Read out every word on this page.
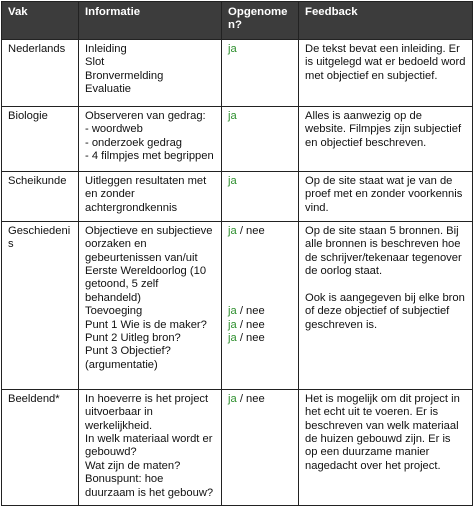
Vak	Informatie	Opgenomen?	Feedback
Nederlands	Inleiding
Slot
Bronvermelding
Evaluatie	ja	De tekst bevat een inleiding. Er is uitgelegd wat er bedoeld word met objectief en subjectief.
Biologie	Observeren van gedrag:
- woordweb
- onderzoek gedrag
- 4 filmpjes met begrippen	ja	Alles is aanwezig op de website. Filmpjes zijn subjectief en objectief beschreven.
Scheikunde	Uitleggen resultaten met en zonder achtergrondkennis	ja	Op de site staat wat je van de proef met en zonder voorkennis vind.
Geschiedenis	Objectieve en subjectieve oorzaken en gebeurtenissen van/uit Eerste Wereldoorlog (10 getoond, 5 zelf behandeld)
Toevoeging
Punt 1 Wie is de maker?
Punt 2 Uitleg bron?
Punt 3 Objectief? (argumentatie)	ja / nee
ja / nee
ja / nee
ja / nee	Op de site staan 5 bronnen. Bij alle bronnen is beschreven hoe de schrijver/tekenaar tegenover de oorlog staat.
Ook is aangegeven bij elke bron of deze objectief of subjectief geschreven is.
Beeldend*	In hoeverre is het project uitvoerbaar in werkelijkheid.
In welk materiaal wordt er gebouwd?
Wat zijn de maten?
Bonuspunt: hoe duurzaam is het gebouw?	ja / nee	Het is mogelijk om dit project in het echt uit te voeren. Er is beschreven van welk materiaal de huizen gebouwd zijn. Er is op een duurzame manier nagedacht over het project.
